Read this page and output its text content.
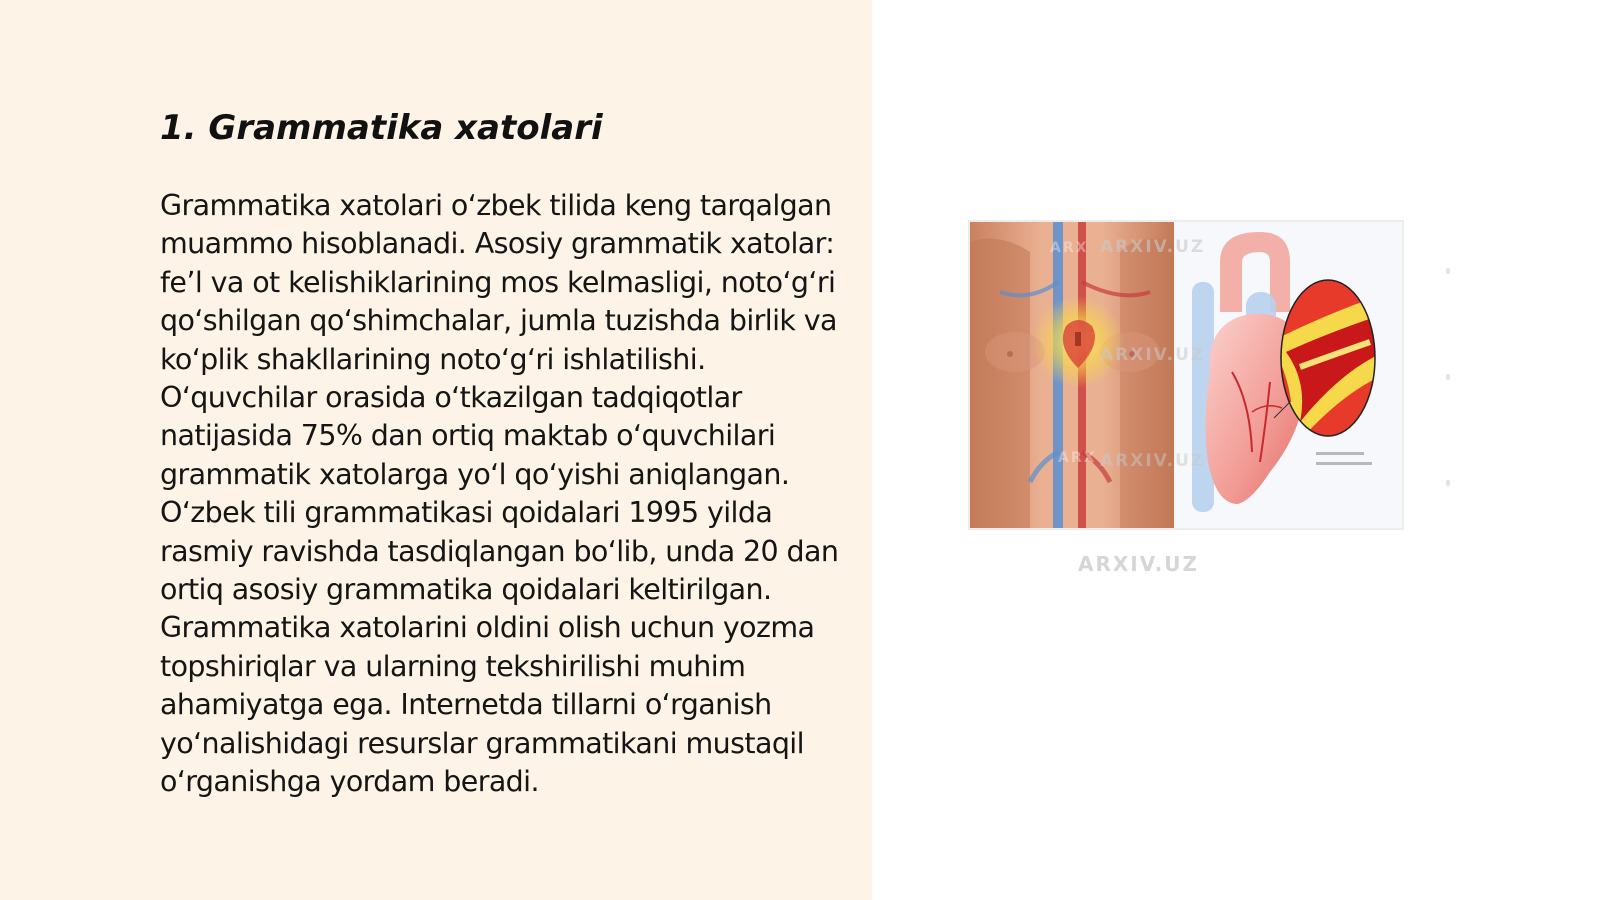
1. Grammatika xatolari

Grammatika xatolari oʻzbek tilida keng tarqalgan muammo hisoblanadi. Asosiy grammatik xatolar: feʼl va ot kelishiklarining mos kelmasligi, notoʻgʻri qoʻshilgan qoʻshimchalar, jumla tuzishda birlik va koʻplik shakllarining notoʻgʻri ishlatilishi. Oʻquvchilar orasida oʻtkazilgan tadqiqotlar natijasida 75% dan ortiq maktab oʻquvchilari grammatik xatolarga yoʻl qoʻyishi aniqlangan. Oʻzbek tili grammatikasi qoidalari 1995 yilda rasmiy ravishda tasdiqlangan boʻlib, unda 20 dan ortiq asosiy grammatika qoidalari keltirilgan. Grammatika xatolarini oldini olish uchun yozma topshiriqlar va ularning tekshirilishi muhim ahamiyatga ega. Internetda tillarni oʻrganish yoʻnalishidagi resurslar grammatikani mustaqil oʻrganishga yordam beradi.

ARX
ARX
ARXIV.UZ
ARXIV.UZ
ARXIV.UZ
ARXIV.UZ
